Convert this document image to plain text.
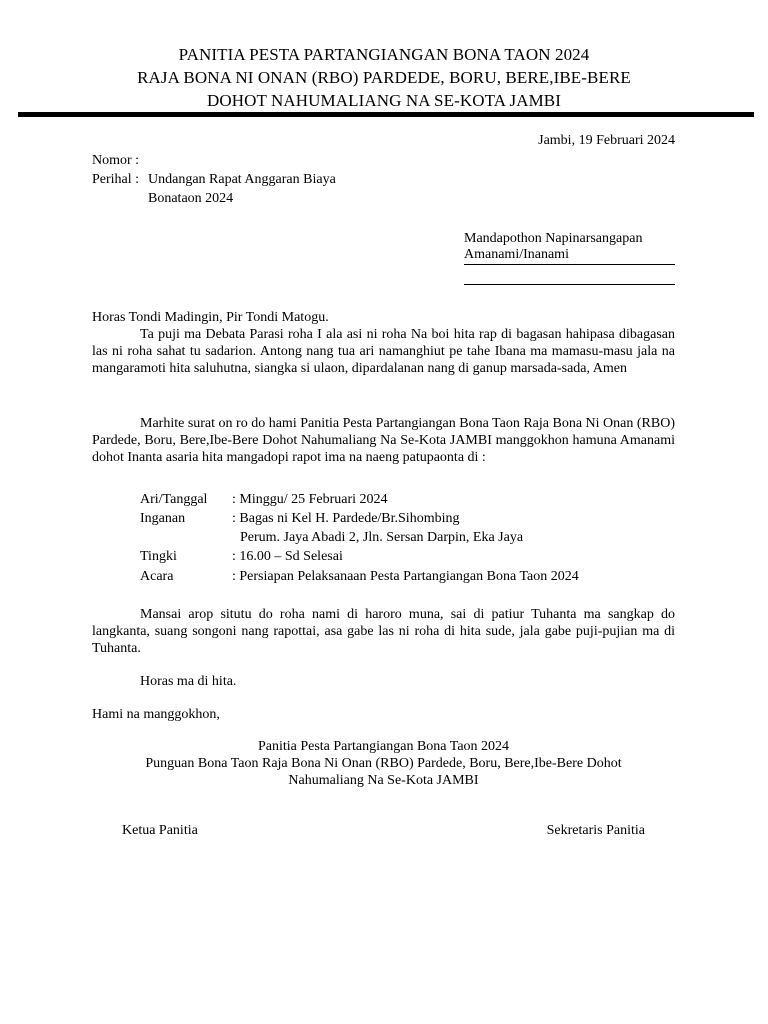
PANITIA PESTA PARTANGIANGAN BONA TAON 2024
RAJA BONA NI ONAN (RBO) PARDEDE, BORU, BERE,IBE-BERE
DOHOT NAHUMALIANG NA SE-KOTA JAMBI
Jambi, 19 Februari 2024
Nomor :
Perihal : Undangan Rapat Anggaran Biaya
Bonataon 2024
Mandapothon Napinarsangapan
Amanami/Inanami
Horas Tondi Madingin, Pir Tondi Matogu.
Ta puji ma Debata Parasi roha I ala asi ni roha Na boi hita rap di bagasan hahipasa dibagasan las ni roha sahat tu sadarion. Antong nang tua ari namanghiut pe tahe Ibana ma mamasu-masu jala na mangaramoti hita saluhutna, siangka si ulaon, dipardalanan nang di ganup marsada-sada, Amen
Marhite surat on ro do hami Panitia Pesta Partangiangan Bona Taon Raja Bona Ni Onan (RBO) Pardede, Boru, Bere,Ibe-Bere Dohot Nahumaliang Na Se-Kota JAMBI manggokhon hamuna Amanami dohot Inanta asaria hita mangadopi rapot ima na naeng patupaonta di :
Ari/Tanggal : Minggu/ 25 Februari 2024
Inganan	: Bagas ni Kel H. Pardede/Br.Sihombing
Perum. Jaya Abadi 2, Jln. Sersan Darpin, Eka Jaya
Tingki	: 16.00 – Sd Selesai
Acara	: Persiapan Pelaksanaan Pesta Partangiangan Bona Taon 2024
Mansai arop situtu do roha nami di haroro muna, sai di patiur Tuhanta ma sangkap do langkanta, suang songoni nang rapottai, asa gabe las ni roha di hita sude, jala gabe puji-pujian ma di Tuhanta.
Horas ma di hita.
Hami na manggokhon,
Panitia Pesta Partangiangan Bona Taon 2024
Punguan Bona Taon Raja Bona Ni Onan (RBO) Pardede, Boru, Bere,Ibe-Bere Dohot
Nahumaliang Na Se-Kota JAMBI
Ketua Panitia	Sekretaris Panitia
